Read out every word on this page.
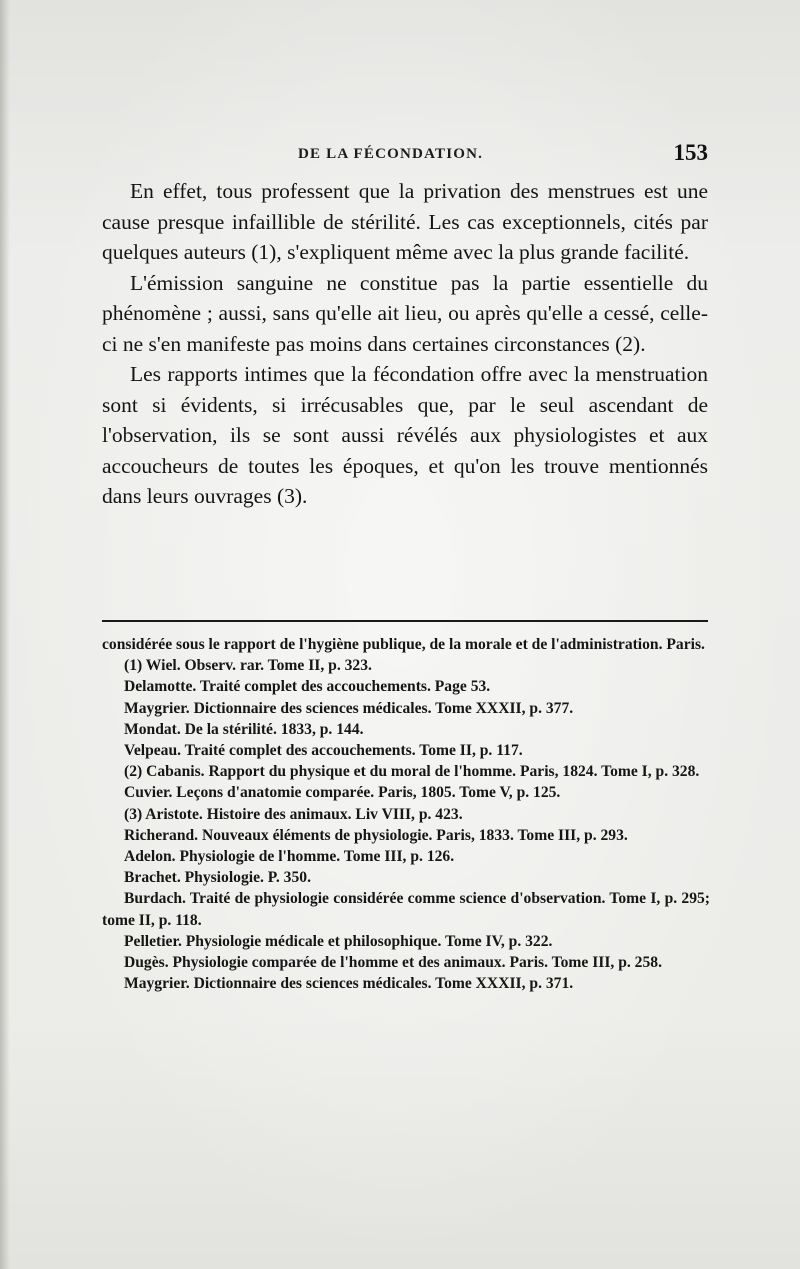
DE LA FÉCONDATION.	153

En effet, tous professent que la privation des menstrues est une cause presque infaillible de stérilité. Les cas exceptionnels, cités par quelques auteurs (1), s'expliquent même avec la plus grande facilité.

L'émission sanguine ne constitue pas la partie essentielle du phénomène ; aussi, sans qu'elle ait lieu, ou après qu'elle a cessé, celle-ci ne s'en manifeste pas moins dans certaines circonstances (2).

Les rapports intimes que la fécondation offre avec la menstruation sont si évidents, si irrécusables que, par le seul ascendant de l'observation, ils se sont aussi révélés aux physiologistes et aux accoucheurs de toutes les époques, et qu'on les trouve mentionnés dans leurs ouvrages (3).

considérée sous le rapport de l'hygiène publique, de la morale et de l'administration. Paris.

(1) Wiel. Observ. rar. Tome II, p. 323.

Delamotte. Traité complet des accouchements. Page 53.

Maygrier. Dictionnaire des sciences médicales. Tome XXXII, p. 377.

Mondat. De la stérilité. 1833, p. 144.

Velpeau. Traité complet des accouchements. Tome II, p. 117.

(2) Cabanis. Rapport du physique et du moral de l'homme. Paris, 1824. Tome I, p. 328.

Cuvier. Leçons d'anatomie comparée. Paris, 1805. Tome V, p. 125.

(3) Aristote. Histoire des animaux. Liv VIII, p. 423.

Richerand. Nouveaux éléments de physiologie. Paris, 1833. Tome III, p. 293.

Adelon. Physiologie de l'homme. Tome III, p. 126.

Brachet. Physiologie. P. 350.

Burdach. Traité de physiologie considérée comme science d'observation. Tome I, p. 295; tome II, p. 118.

Pelletier. Physiologie médicale et philosophique. Tome IV, p. 322.

Dugès. Physiologie comparée de l'homme et des animaux. Paris. Tome III, p. 258.

Maygrier. Dictionnaire des sciences médicales. Tome XXXII, p. 371.
